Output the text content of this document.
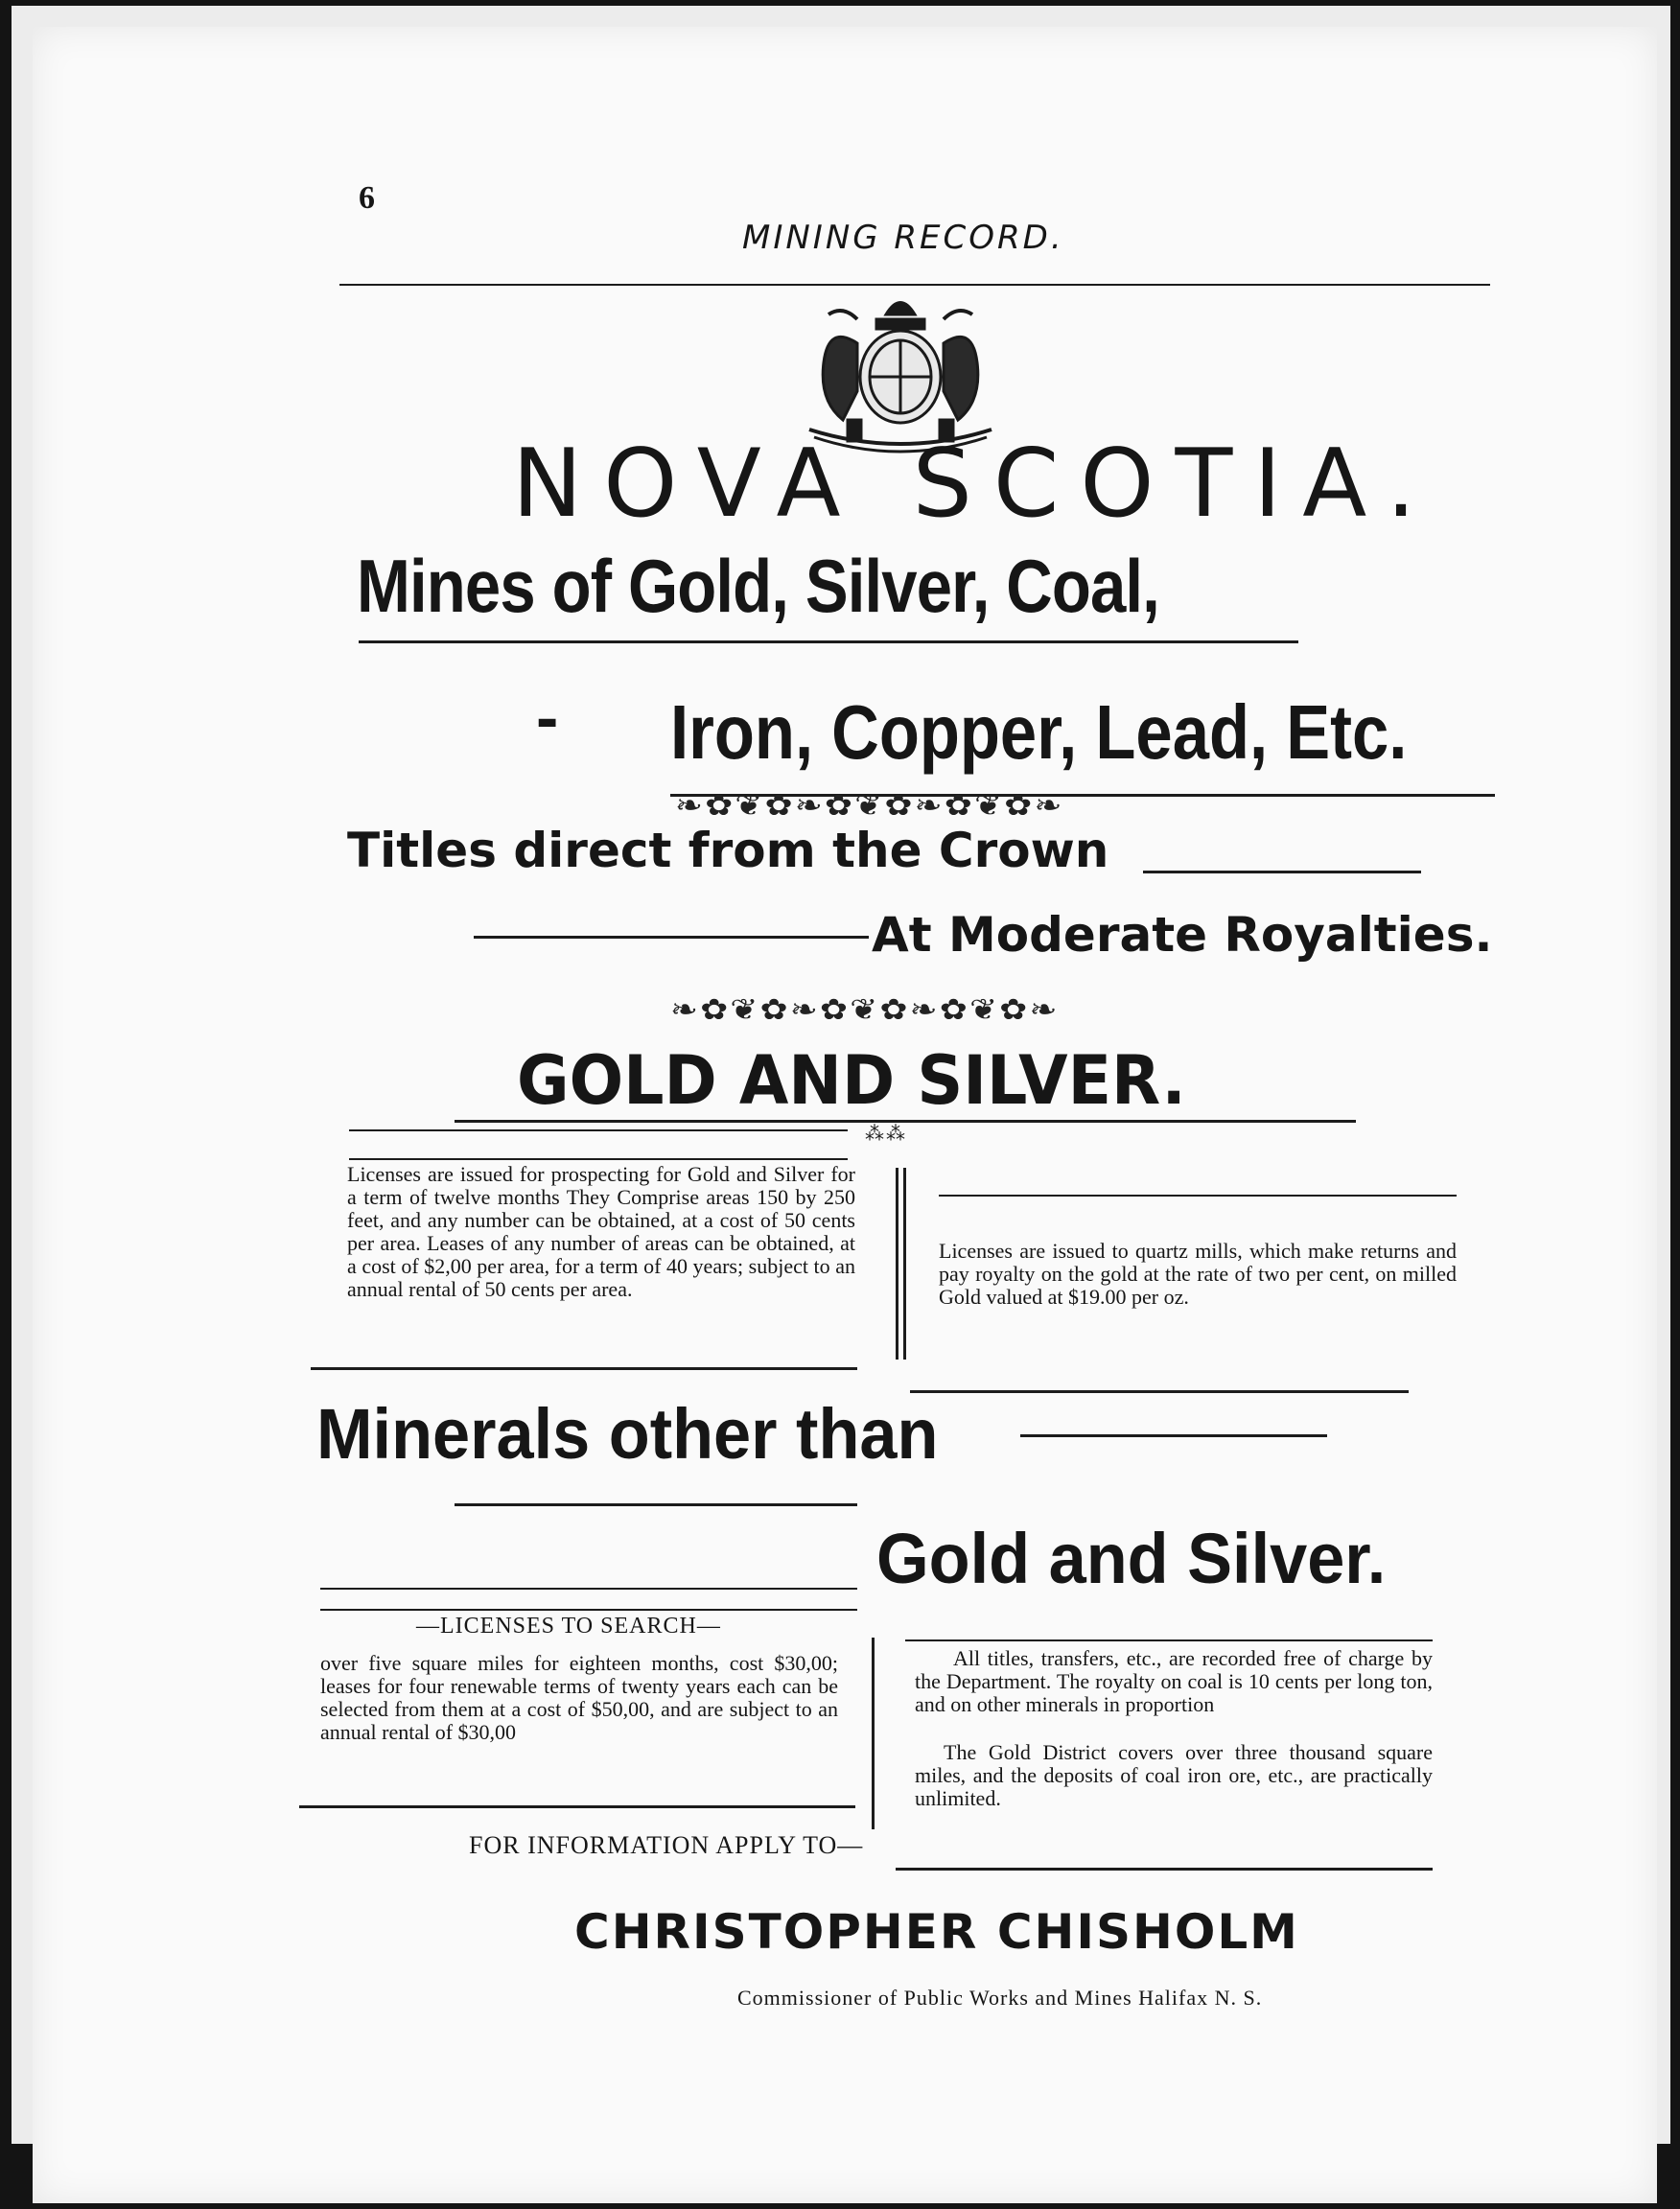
6
MINING RECORD.
NOVA SCOTIA.
Mines of Gold, Silver, Coal,
- Iron, Copper, Lead, Etc.
❧✿❦✿❧✿❦✿❧✿❦✿❧
Titles direct from the Crown
At Moderate Royalties.
❧✿❦✿❧✿❦✿❧✿❦✿❧
GOLD AND SILVER.
⁂⁂
Licenses are issued for prospecting for Gold and Silver for a term of twelve months They Comprise areas 150 by 250 feet, and any number can be obtained, at a cost of 50 cents per area. Leases of any number of areas can be obtained, at a cost of $2,00 per area, for a term of 40 years; subject to an annual rental of 50 cents per area.
Licenses are issued to quartz mills, which make returns and pay royalty on the gold at the rate of two per cent, on milled Gold valued at $19.00 per oz.
Minerals other than
Gold and Silver.
—LICENSES TO SEARCH—
over five square miles for eighteen months, cost $30,00; leases for four renewable terms of twenty years each can be selected from them at a cost of $50,00, and are subject to an annual rental of $30,00
All titles, transfers, etc., are recorded free of charge by the Department. The royalty on coal is 10 cents per long ton, and on other minerals in proportion
The Gold District covers over three thousand square miles, and the deposits of coal iron ore, etc., are practically unlimited.
FOR INFORMATION APPLY TO—
CHRISTOPHER CHISHOLM
Commissioner of Public Works and Mines Halifax N. S.
